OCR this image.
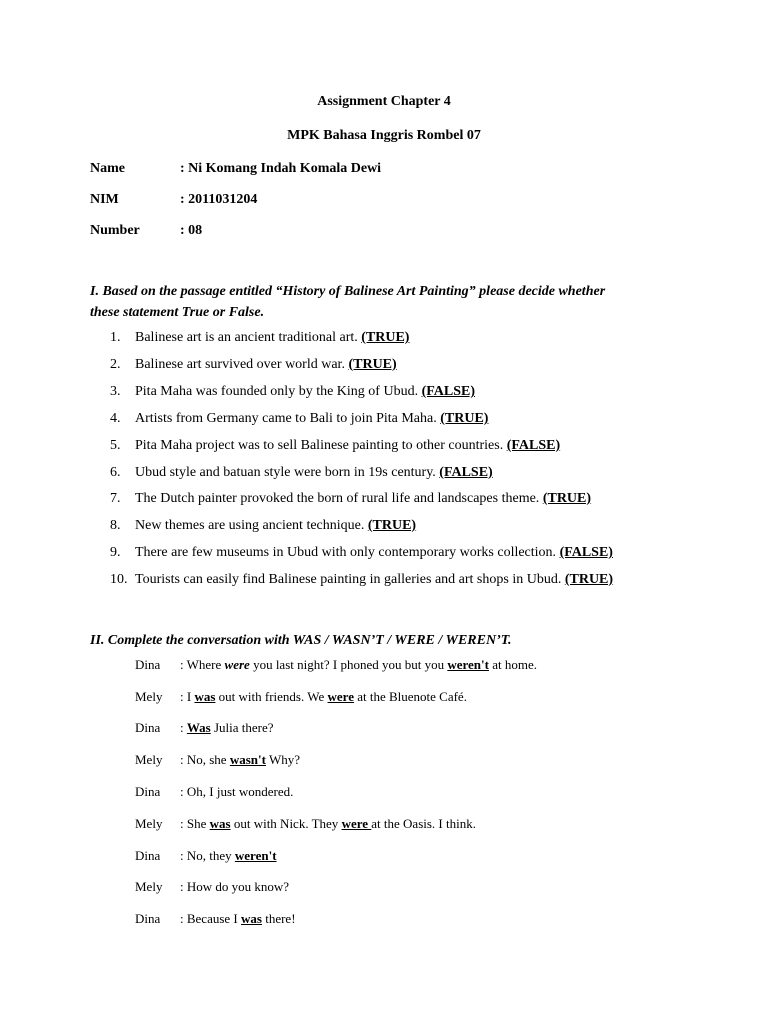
Assignment Chapter 4
MPK Bahasa Inggris Rombel 07
Name	: Ni Komang Indah Komala Dewi
NIM	: 2011031204
Number	: 08
I. Based on the passage entitled “History of Balinese Art Painting” please decide whether
these statement True or False.
1. Balinese art is an ancient traditional art. (TRUE)
2. Balinese art survived over world war. (TRUE)
3. Pita Maha was founded only by the King of Ubud. (FALSE)
4. Artists from Germany came to Bali to join Pita Maha. (TRUE)
5. Pita Maha project was to sell Balinese painting to other countries. (FALSE)
6. Ubud style and batuan style were born in 19s century. (FALSE)
7. The Dutch painter provoked the born of rural life and landscapes theme. (TRUE)
8. New themes are using ancient technique. (TRUE)
9. There are few museums in Ubud with only contemporary works collection. (FALSE)
10. Tourists can easily find Balinese painting in galleries and art shops in Ubud. (TRUE)
II. Complete the conversation with WAS / WASN’T / WERE / WEREN’T.
Dina : Where were you last night? I phoned you but you weren't at home.
Mely : I was out with friends. We were at the Bluenote Café.
Dina : Was Julia there?
Mely : No, she wasn't Why?
Dina : Oh, I just wondered.
Mely : She was out with Nick. They were at the Oasis. I think.
Dina : No, they weren't
Mely : How do you know?
Dina : Because I was there!
